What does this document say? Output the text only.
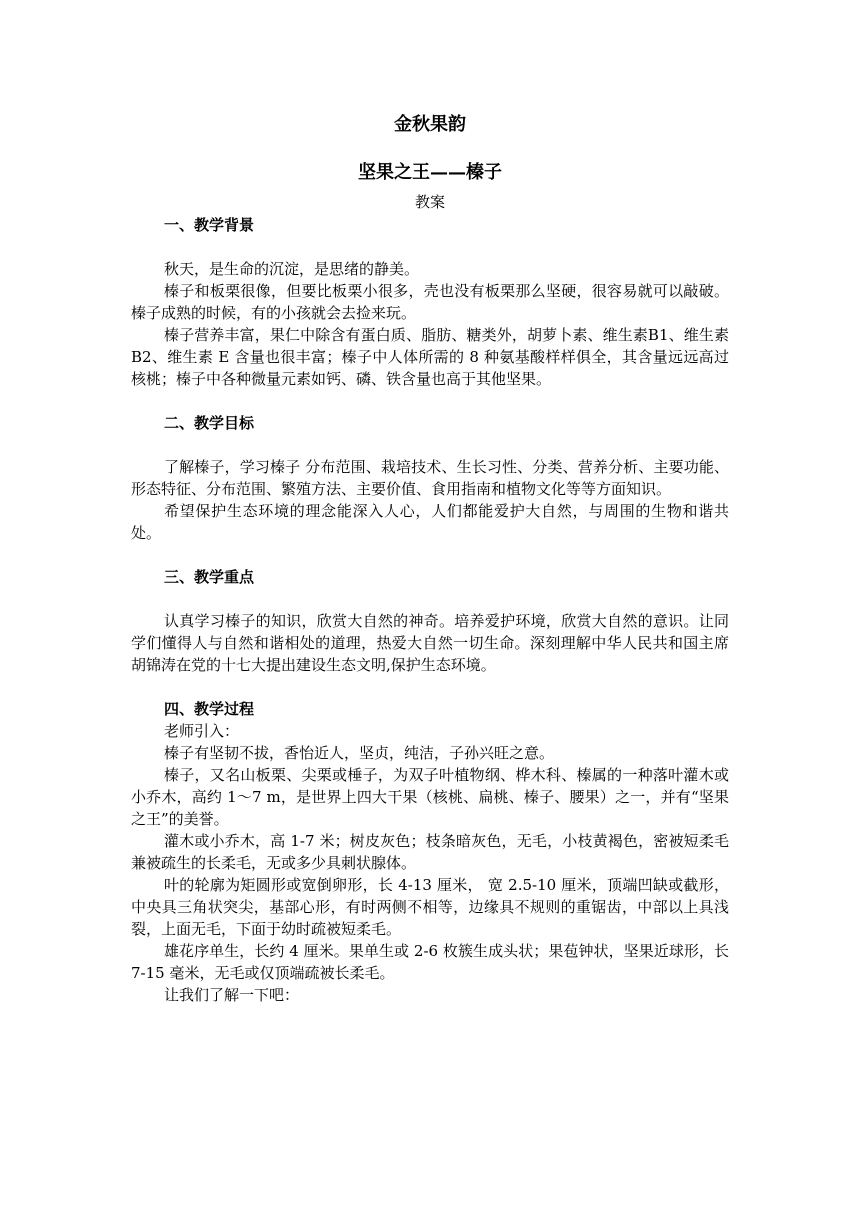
金秋果韵
坚果之王——榛子
教案
一、教学背景

秋天，是生命的沉淀，是思绪的静美。

榛子和板栗很像，但要比板栗小很多，壳也没有板栗那么坚硬，很容易就可以敲破。榛子成熟的时候，有的小孩就会去捡来玩。

榛子营养丰富，果仁中除含有蛋白质、脂肪、糖类外，胡萝卜素、维生素B1、维生素 B2、维生素 E 含量也很丰富；榛子中人体所需的 8 种氨基酸样样俱全，其含量远远高过核桃；榛子中各种微量元素如钙、磷、铁含量也高于其他坚果。

二、教学目标

了解榛子，学习榛子 分布范围、栽培技术、生长习性、分类、营养分析、主要功能、形态特征、分布范围、繁殖方法、主要价值、食用指南和植物文化等等方面知识。

希望保护生态环境的理念能深入人心，人们都能爱护大自然，与周围的生物和谐共处。

三、教学重点

认真学习榛子的知识，欣赏大自然的神奇。培养爱护环境，欣赏大自然的意识。让同学们懂得人与自然和谐相处的道理，热爱大自然一切生命。深刻理解中华人民共和国主席胡锦涛在党的十七大提出建设生态文明,保护生态环境。

四、教学过程

老师引入：

榛子有坚韧不拔，香怡近人，坚贞，纯洁，子孙兴旺之意。

榛子，又名山板栗、尖栗或棰子，为双子叶植物纲、桦木科、榛属的一种落叶灌木或小乔木，高约 1～7 m，是世界上四大干果（核桃、扁桃、榛子、腰果）之一，并有“坚果之王”的美誉。

灌木或小乔木，高 1-7 米；树皮灰色；枝条暗灰色，无毛，小枝黄褐色，密被短柔毛兼被疏生的长柔毛，无或多少具刺状腺体。

叶的轮廓为矩圆形或宽倒卵形，长 4-13 厘米， 宽 2.5-10 厘米，顶端凹缺或截形，中央具三角状突尖，基部心形，有时两侧不相等，边缘具不规则的重锯齿，中部以上具浅裂，上面无毛，下面于幼时疏被短柔毛。

雄花序单生，长约 4 厘米。果单生或 2-6 枚簇生成头状；果苞钟状，坚果近球形，长 7-15 毫米，无毛或仅顶端疏被长柔毛。

让我们了解一下吧：
